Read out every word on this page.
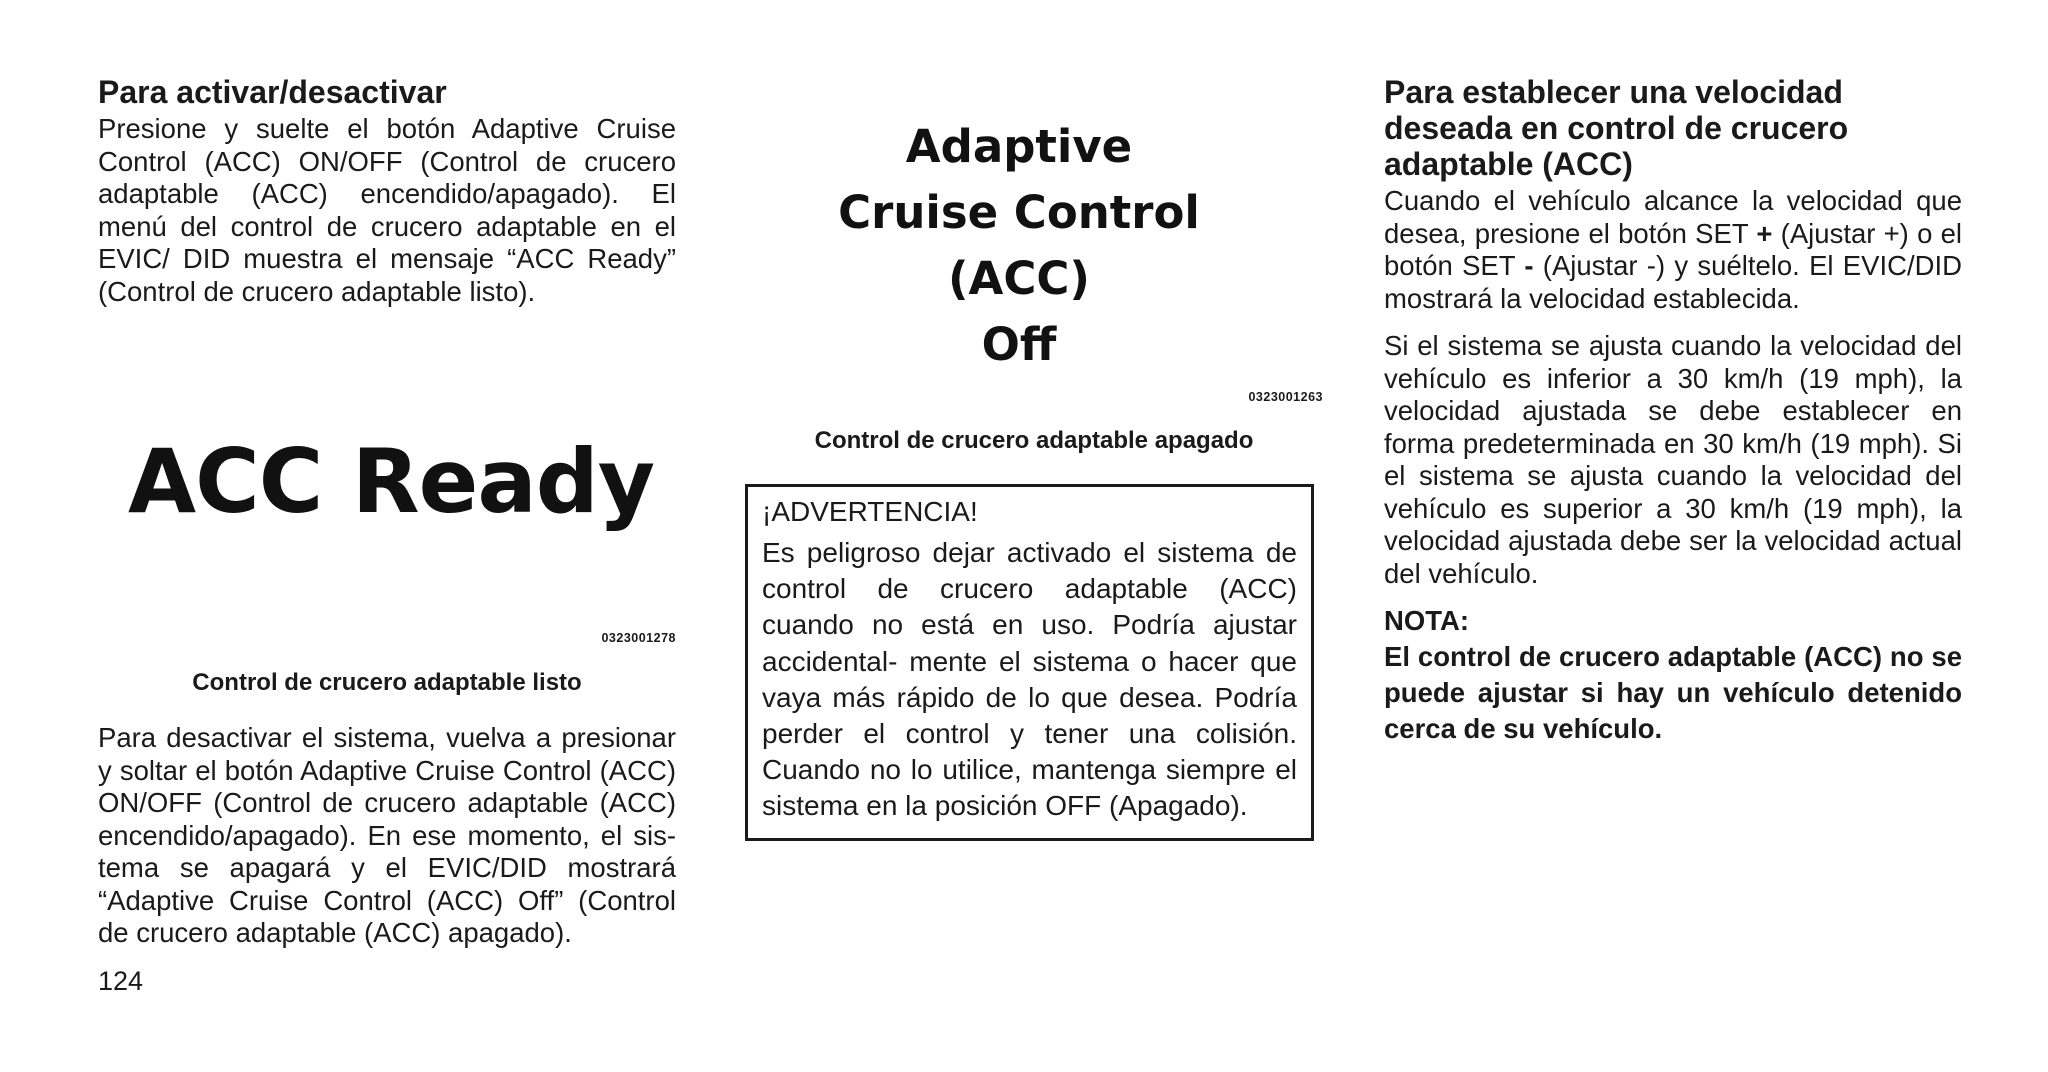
Para activar/desactivar

Presione y suelte el botón Adaptive Cruise Control (ACC) ON/OFF (Control de crucero adaptable (ACC) encendido/apagado). El menú del control de crucero adaptable en el EVIC/ DID muestra el mensaje “ACC Ready” (Control de crucero adaptable listo).

ACC Ready
0323001278
Control de crucero adaptable listo

Para desactivar el sistema, vuelva a presionar y soltar el botón Adaptive Cruise Control (ACC) ON/OFF (Control de crucero adaptable (ACC) encendido/apagado). En ese momento, el sis- tema se apagará y el EVIC/DID mostrará “Adaptive Cruise Control (ACC) Off” (Control de crucero adaptable (ACC) apagado).

Adaptive
Cruise Control
(ACC)
Off
0323001263
Control de crucero adaptable apagado
¡ADVERTENCIA!
Es peligroso dejar activado el sistema de control de crucero adaptable (ACC) cuando no está en uso. Podría ajustar accidental- mente el sistema o hacer que vaya más rápido de lo que desea. Podría perder el control y tener una colisión. Cuando no lo utilice, mantenga siempre el sistema en la posición OFF (Apagado).
Para establecer una velocidad deseada en control de crucero adaptable (ACC)

Cuando el vehículo alcance la velocidad que desea, presione el botón SET + (Ajustar +) o el botón SET - (Ajustar -) y suéltelo. El EVIC/DID mostrará la velocidad establecida.

Si el sistema se ajusta cuando la velocidad del vehículo es inferior a 30 km/h (19 mph), la velocidad ajustada se debe establecer en forma predeterminada en 30 km/h (19 mph). Si el sistema se ajusta cuando la velocidad del vehículo es superior a 30 km/h (19 mph), la velocidad ajustada debe ser la velocidad actual del vehículo.

NOTA:
El control de crucero adaptable (ACC) no se puede ajustar si hay un vehículo detenido cerca de su vehículo.
124
